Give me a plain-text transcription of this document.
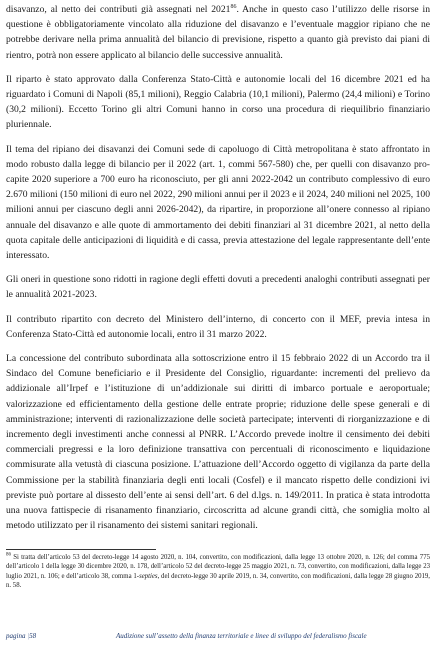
disavanzo, al netto dei contributi già assegnati nel 2021$^{86}$. Anche in questo caso l’utilizzo delle risorse in questione è obbligatoriamente vincolato alla riduzione del disavanzo e l’eventuale maggior ripiano che ne potrebbe derivare nella prima annualità del bilancio di previsione, rispetto a quanto già previsto dai piani di rientro, potrà non essere applicato al bilancio delle successive annualità.

Il riparto è stato approvato dalla Conferenza Stato-Città e autonomie locali del 16 dicembre 2021 ed ha riguardato i Comuni di Napoli (85,1 milioni), Reggio Calabria (10,1 milioni), Palermo (24,4 milioni) e Torino (30,2 milioni). Eccetto Torino gli altri Comuni hanno in corso una procedura di riequilibrio finanziario pluriennale.

Il tema del ripiano dei disavanzi dei Comuni sede di capoluogo di Città metropolitana è stato affrontato in modo robusto dalla legge di bilancio per il 2022 (art. 1, commi 567-580) che, per quelli con disavanzo pro-capite 2020 superiore a 700 euro ha riconosciuto, per gli anni 2022-2042 un contributo complessivo di euro 2.670 milioni (150 milioni di euro nel 2022, 290 milioni annui per il 2023 e il 2024, 240 milioni nel 2025, 100 milioni annui per ciascuno degli anni 2026-2042), da ripartire, in proporzione all’onere connesso al ripiano annuale del disavanzo e alle quote di ammortamento dei debiti finanziari al 31 dicembre 2021, al netto della quota capitale delle anticipazioni di liquidità e di cassa, previa attestazione del legale rappresentante dell’ente interessato.

Gli oneri in questione sono ridotti in ragione degli effetti dovuti a precedenti analoghi contributi assegnati per le annualità 2021-2023.

Il contributo ripartito con decreto del Ministero dell’interno, di concerto con il MEF, previa intesa in Conferenza Stato-Città ed autonomie locali, entro il 31 marzo 2022.

La concessione del contributo subordinata alla sottoscrizione entro il 15 febbraio 2022 di un Accordo tra il Sindaco del Comune beneficiario e il Presidente del Consiglio, riguardante: incrementi del prelievo da addizionale all’Irpef e l’istituzione di un’addizionale sui diritti di imbarco portuale e aeroportuale; valorizzazione ed efficientamento della gestione delle entrate proprie; riduzione delle spese generali e di amministrazione; interventi di razionalizzazione delle società partecipate; interventi di riorganizzazione e di incremento degli investimenti anche connessi al PNRR. L’Accordo prevede inoltre il censimento dei debiti commerciali pregressi e la loro definizione transattiva con percentuali di riconoscimento e liquidazione commisurate alla vetustà di ciascuna posizione. L’attuazione dell’Accordo oggetto di vigilanza da parte della Commissione per la stabilità finanziaria degli enti locali (Cosfel) e il mancato rispetto delle condizioni ivi previste può portare al dissesto dell’ente ai sensi dell’art. 6 del d.lgs. n. 149/2011. In pratica è stata introdotta una nuova fattispecie di risanamento finanziario, circoscritta ad alcune grandi città, che somiglia molto al metodo utilizzato per il risanamento dei sistemi sanitari regionali.

$^{86}$ Si tratta dell’articolo 53 del decreto-legge 14 agosto 2020, n. 104, convertito, con modificazioni, dalla legge 13 ottobre 2020, n. 126; del comma 775 dell’articolo 1 della legge 30 dicembre 2020, n. 178, dell’articolo 52 del decreto-legge 25 maggio 2021, n. 73, convertito, con modificazioni, dalla legge 23 luglio 2021, n. 106; e dell’articolo 38, comma 1-septies, del decreto-legge 30 aprile 2019, n. 34, convertito, con modificazioni, dalla legge 28 giugno 2019, n. 58.

pagina |58	Audizione sull’assetto della finanza territoriale e linee di sviluppo del federalismo fiscale
